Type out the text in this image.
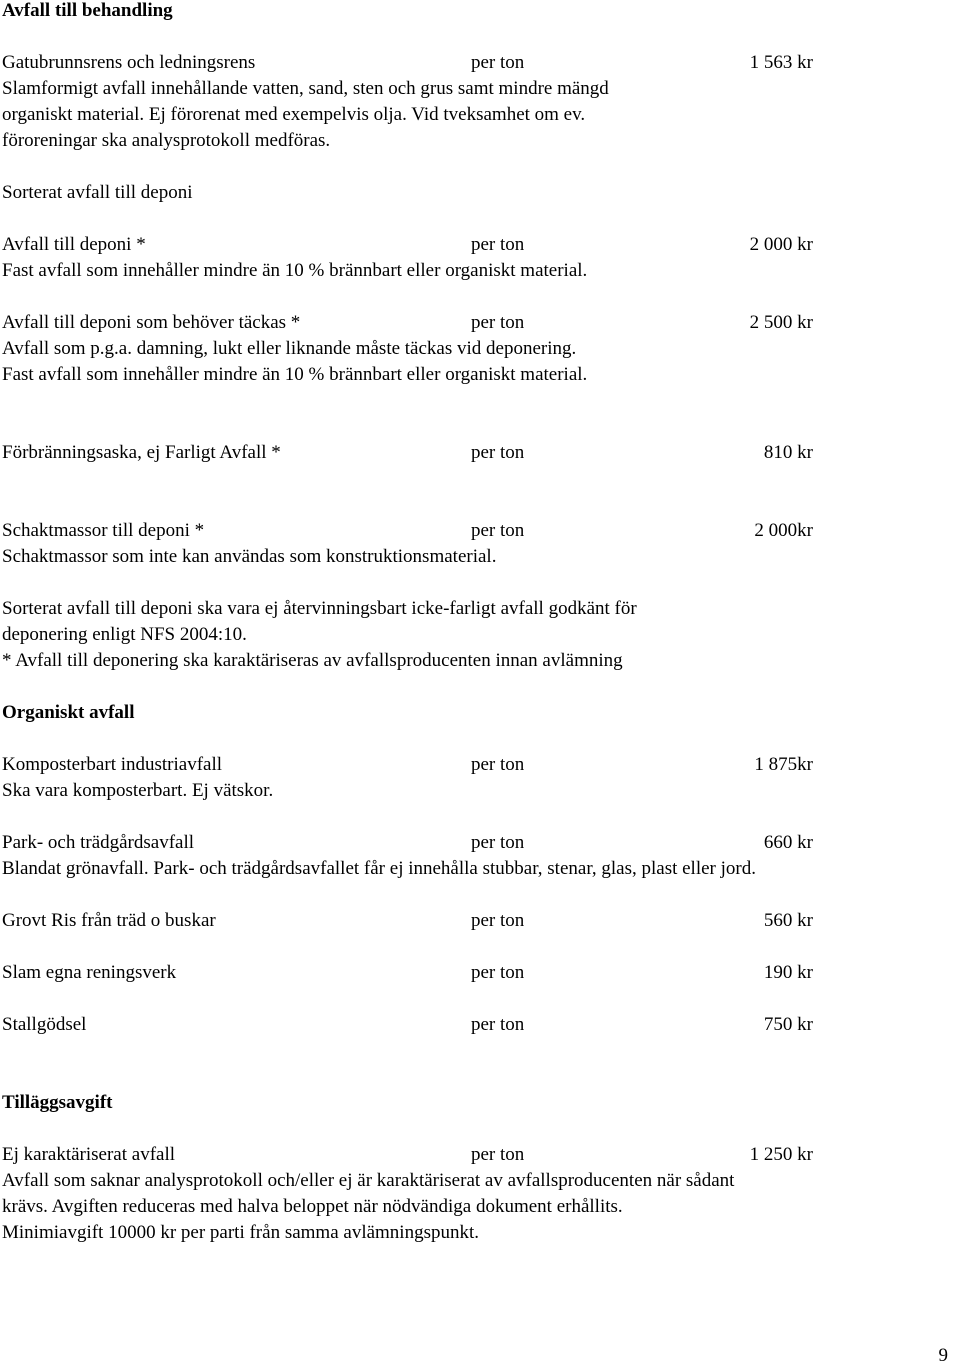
Avfall till behandling
Gatubrunnsrens och ledningsrens	per ton	1 563 kr
Slamformigt avfall innehållande vatten, sand, sten och grus samt mindre mängd
organiskt material. Ej förorenat med exempelvis olja. Vid tveksamhet om ev.
föroreningar ska analysprotokoll medföras.
Sorterat avfall till deponi
Avfall till deponi *	per ton	2 000 kr
Fast avfall som innehåller mindre än 10 % brännbart eller organiskt material.
Avfall till deponi som behöver täckas *	per ton	2 500 kr
Avfall som p.g.a. damning, lukt eller liknande måste täckas vid deponering.
Fast avfall som innehåller mindre än 10 % brännbart eller organiskt material.
Förbränningsaska, ej Farligt Avfall *	per ton	810 kr
Schaktmassor till deponi *	per ton	2 000kr
Schaktmassor som inte kan användas som konstruktionsmaterial.
Sorterat avfall till deponi ska vara ej återvinningsbart icke-farligt avfall godkänt för
deponering enligt NFS 2004:10.
* Avfall till deponering ska karaktäriseras av avfallsproducenten innan avlämning
Organiskt avfall
Komposterbart industriavfall	per ton	1 875kr
Ska vara komposterbart. Ej vätskor.
Park- och trädgårdsavfall	per ton	660 kr
Blandat grönavfall. Park- och trädgårdsavfallet får ej innehålla stubbar, stenar, glas, plast eller jord.
Grovt Ris från träd o buskar	per ton	560 kr
Slam egna reningsverk	per ton	190 kr
Stallgödsel	per ton	750 kr
Tilläggsavgift
Ej karaktäriserat avfall	per ton	1 250 kr
Avfall som saknar analysprotokoll och/eller ej är karaktäriserat av avfallsproducenten när sådant
krävs. Avgiften reduceras med halva beloppet när nödvändiga dokument erhållits.
Minimiavgift 10000 kr per parti från samma avlämningspunkt.
9
